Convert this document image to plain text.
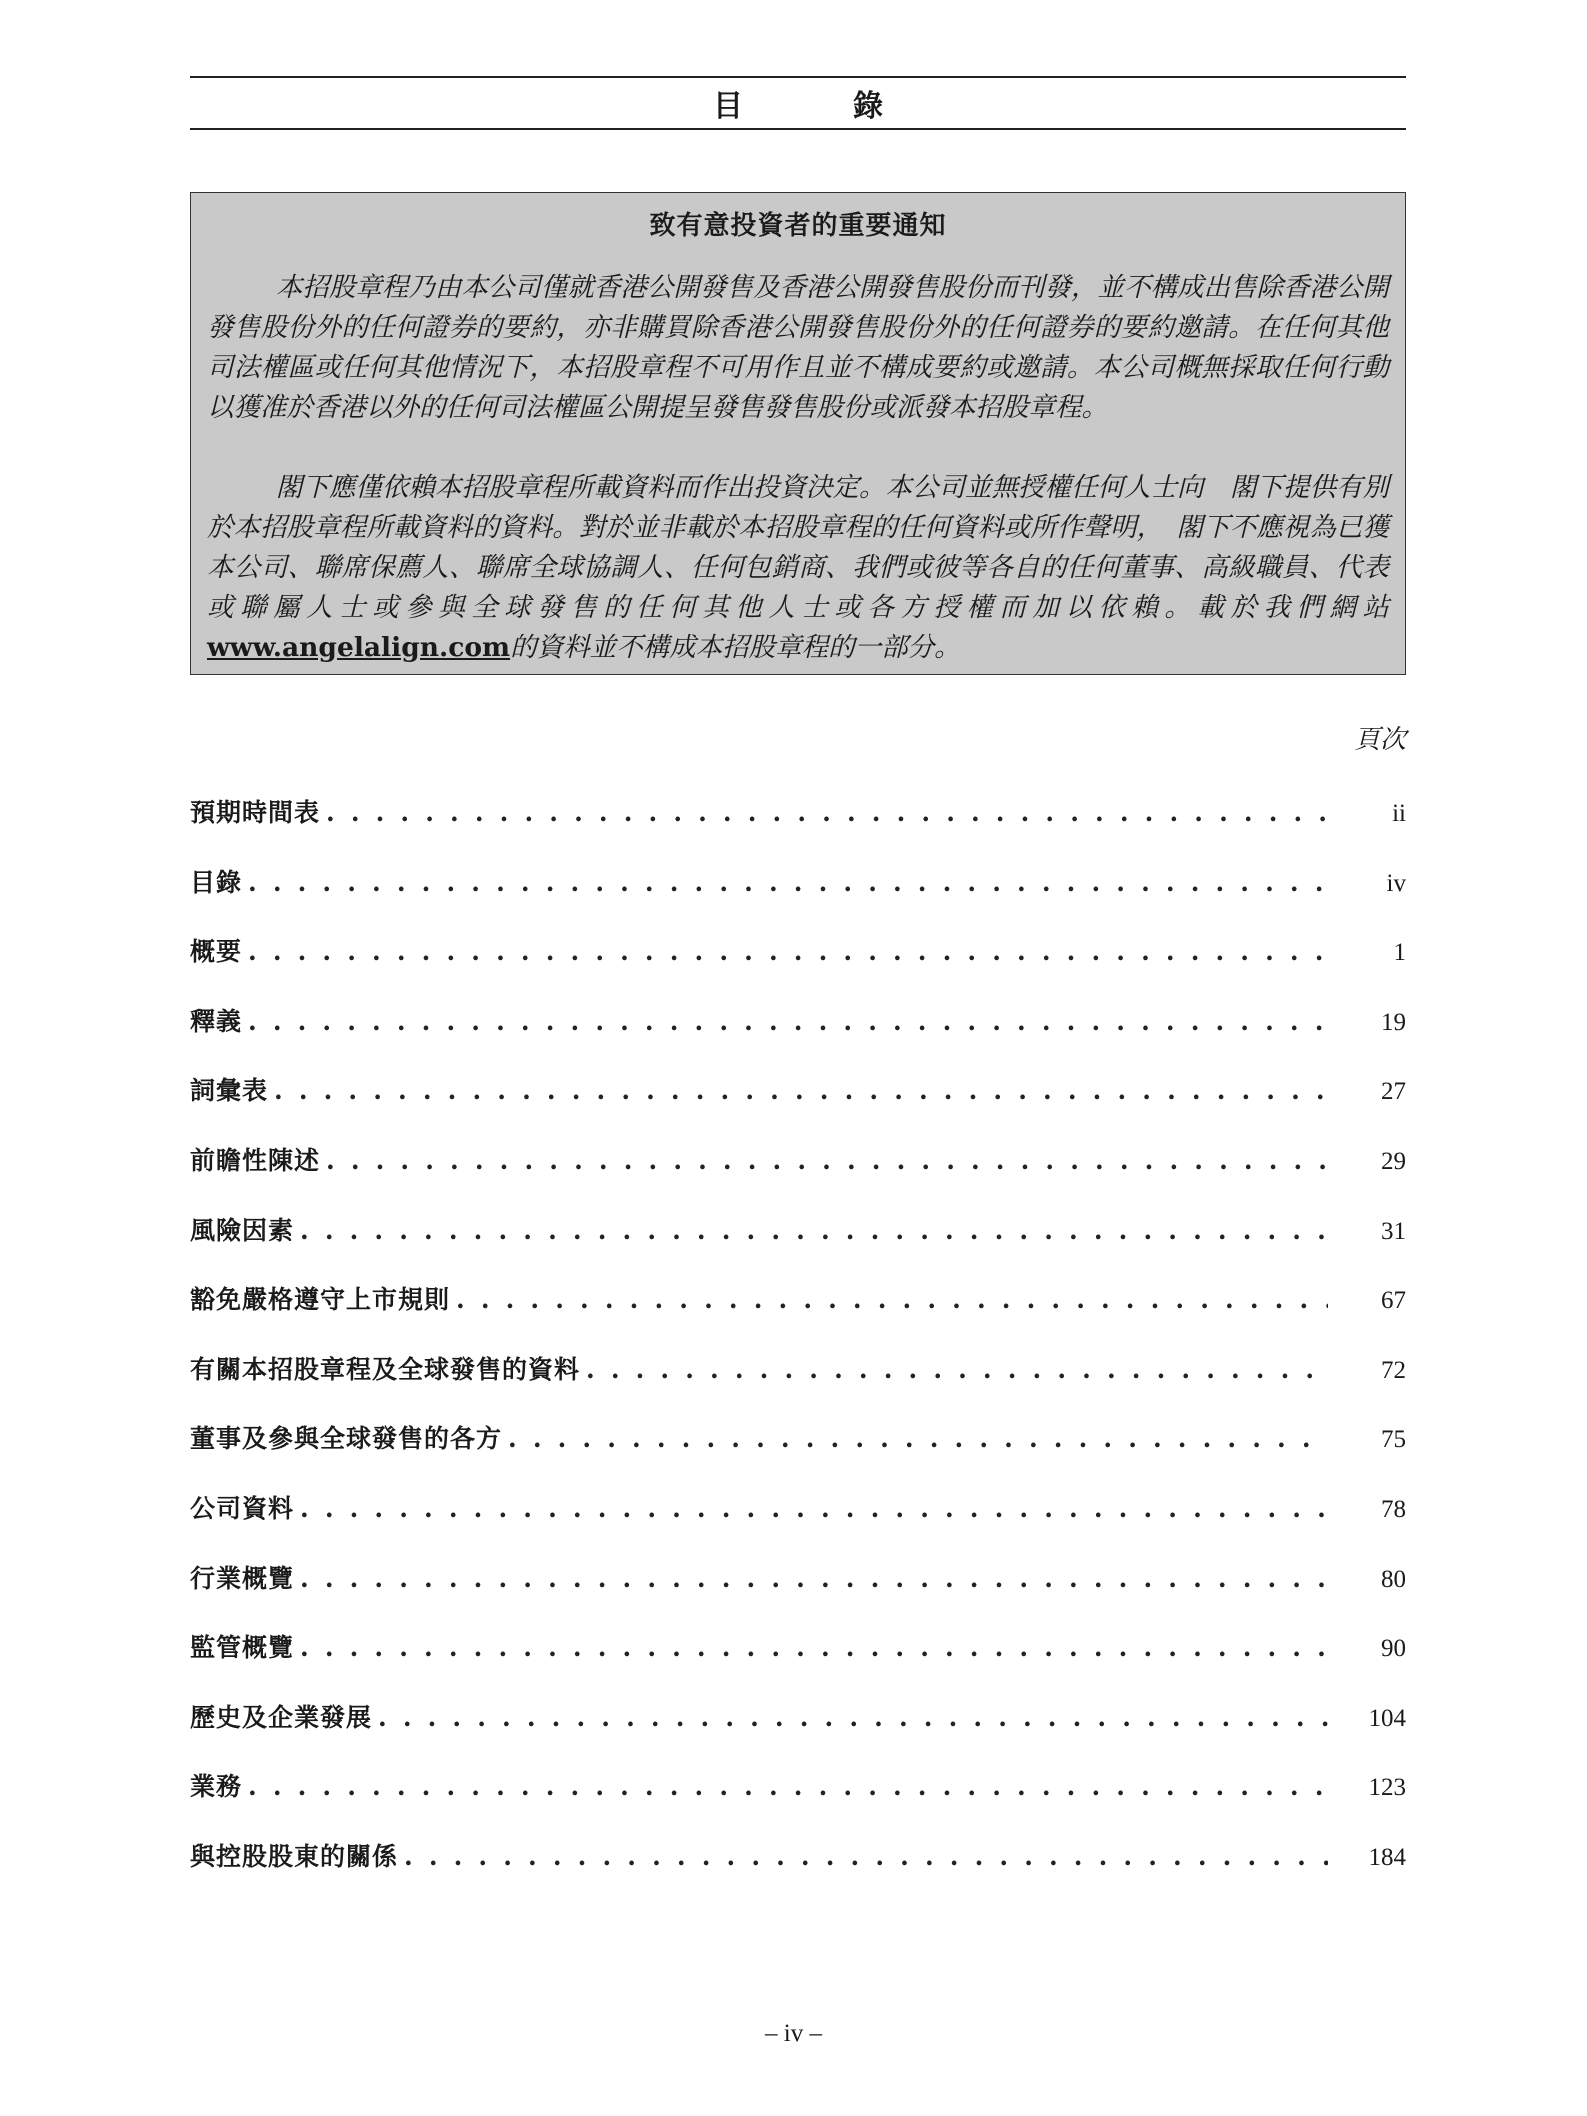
目　錄
致有意投資者的重要通知

本招股章程乃由本公司僅就香港公開發售及香港公開發售股份而刊發，並不構成出售除香港公開發售股份外的任何證券的要約，亦非購買除香港公開發售股份外的任何證券的要約邀請。在任何其他司法權區或任何其他情況下，本招股章程不可用作且並不構成要約或邀請。本公司概無採取任何行動以獲准於香港以外的任何司法權區公開提呈發售發售股份或派發本招股章程。

閣下應僅依賴本招股章程所載資料而作出投資決定。本公司並無授權任何人士向　閣下提供有別於本招股章程所載資料的資料。對於並非載於本招股章程的任何資料或所作聲明，　閣下不應視為已獲本公司、聯席保薦人、聯席全球協調人、任何包銷商、我們或彼等各自的任何董事、高級職員、代表或聯屬人士或參與全球發售的任何其他人士或各方授權而加以依賴。載於我們網站www.angelalign.com的資料並不構成本招股章程的一部分。

頁次
預期時間表 . . .	ii
目錄 . . .	iv
概要 . . .	1
釋義 . . .	19
詞彙表 . . .	27
前瞻性陳述 . . .	29
風險因素 . . .	31
豁免嚴格遵守上市規則 . . .	67
有關本招股章程及全球發售的資料 . . .	72
董事及參與全球發售的各方 . . .	75
公司資料 . . .	78
行業概覽 . . .	80
監管概覽 . . .	90
歷史及企業發展 . . .	104
業務 . . .	123
與控股股東的關係 . . .	184
– iv –
